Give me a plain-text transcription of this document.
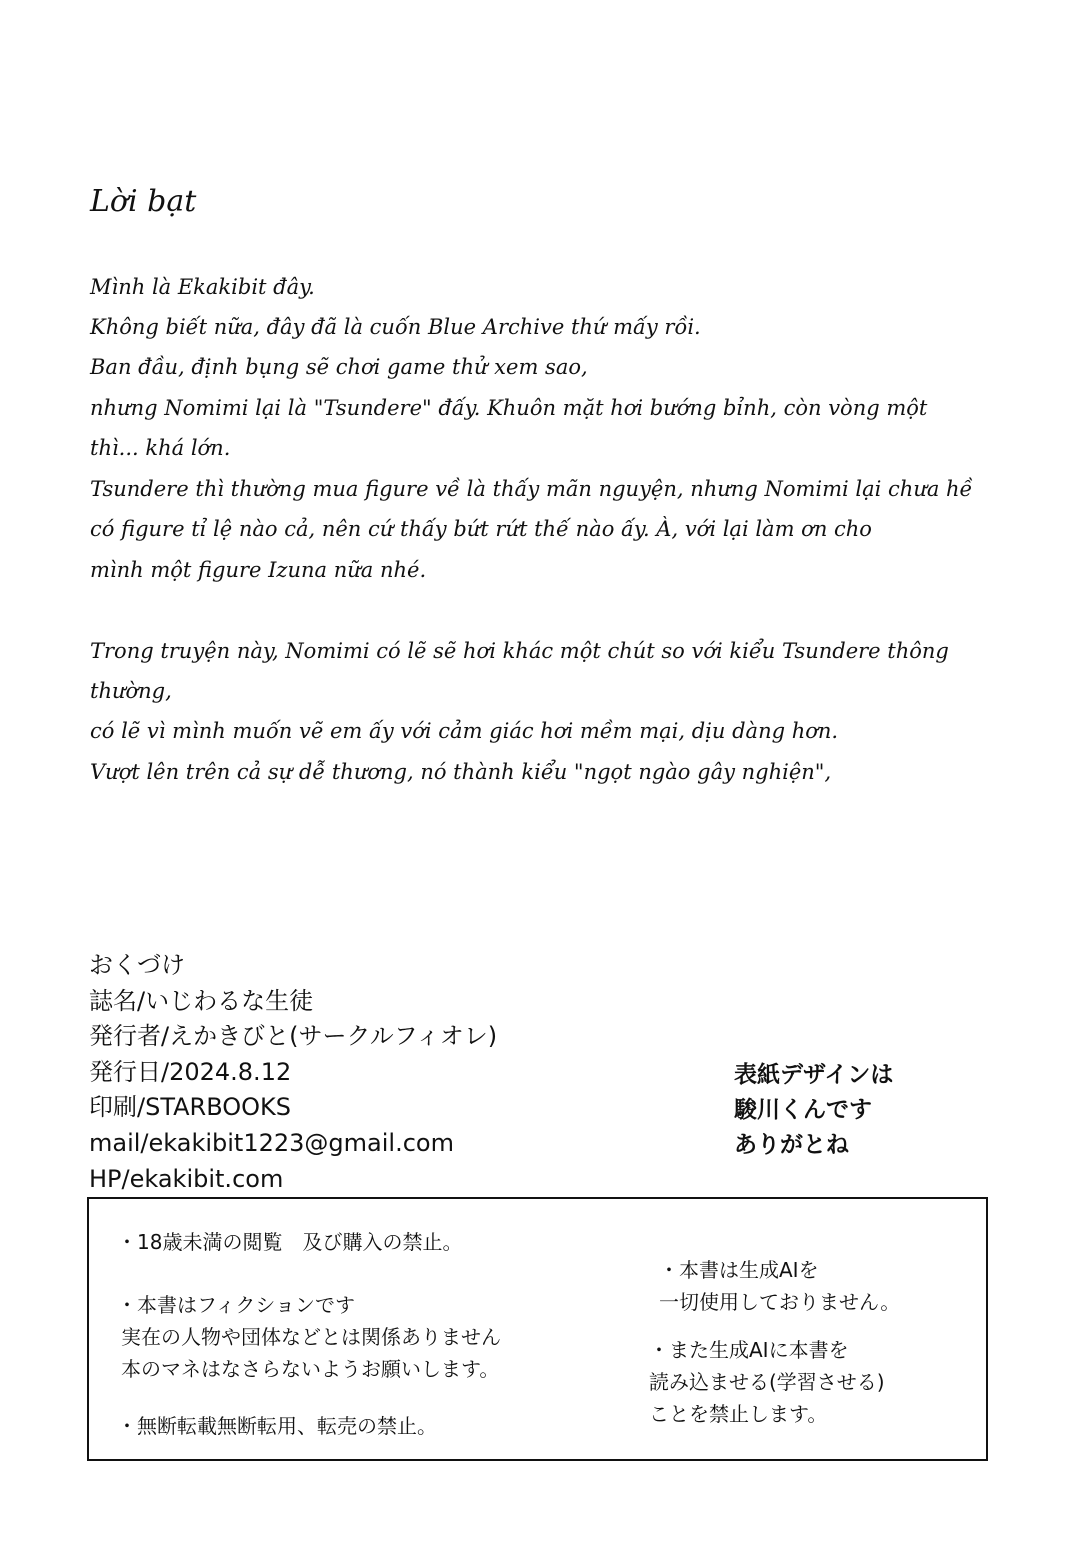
Lời bạt
Mình là Ekakibit đây.
Không biết nữa, đây đã là cuốn Blue Archive thứ mấy rồi.
Ban đầu, định bụng sẽ chơi game thử xem sao,
nhưng Nomimi lại là "Tsundere" đấy. Khuôn mặt hơi bướng bỉnh, còn vòng một
thì... khá lớn.
Tsundere thì thường mua figure về là thấy mãn nguyện, nhưng Nomimi lại chưa hề
có figure tỉ lệ nào cả, nên cứ thấy bứt rứt thế nào ấy. À, với lại làm ơn cho
mình một figure Izuna nữa nhé.
Trong truyện này, Nomimi có lẽ sẽ hơi khác một chút so với kiểu Tsundere thông
thường,
có lẽ vì mình muốn vẽ em ấy với cảm giác hơi mềm mại, dịu dàng hơn.
Vượt lên trên cả sự dễ thương, nó thành kiểu "ngọt ngào gây nghiện",
おくづけ
誌名/いじわるな生徒
発行者/えかきびと(サークルフィオレ)
発行日/2024.8.12
印刷/STARBOOKS
mail/ekakibit1223@gmail.com
HP/ekakibit.com
表紙デザインは
駿川くんです
ありがとね
・18歳未満の閲覧　及び購入の禁止。
・本書はフィクションです
実在の人物や団体などとは関係ありません
本のマネはなさらないようお願いします。
・無断転載無断転用、転売の禁止。
・本書は生成AIを
一切使用しておりません。
・また生成AIに本書を
読み込ませる(学習させる)
ことを禁止します。
